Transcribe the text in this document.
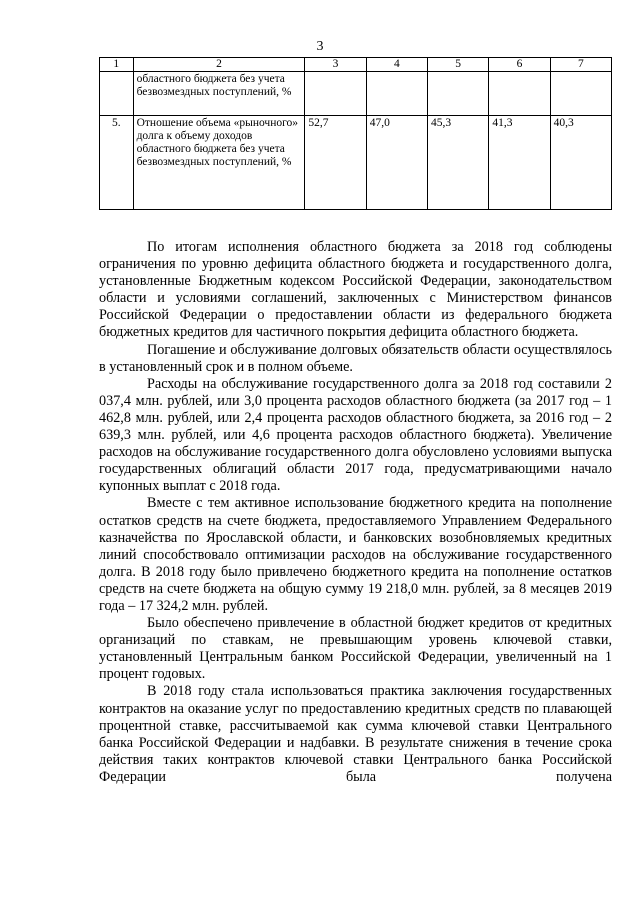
3
1	2	3	4	5	6	7
	областного бюджета без учета безвозмездных поступлений, %					
5.	Отношение объема «рыночного» долга к объему доходов областного бюджета без учета безвозмездных поступлений, %	52,7	47,0	45,3	41,3	40,3

По итогам исполнения областного бюджета за 2018 год соблюдены ограничения по уровню дефицита областного бюджета и государственного долга, установленные Бюджетным кодексом Российской Федерации, законодательством области и условиями соглашений, заключенных с Министерством финансов Российской Федерации о предоставлении области из федерального бюджета бюджетных кредитов для частичного покрытия дефицита областного бюджета.

Погашение и обслуживание долговых обязательств области осуществлялось в установленный срок и в полном объеме.

Расходы на обслуживание государственного долга за 2018 год составили 2 037,4 млн. рублей, или 3,0 процента расходов областного бюджета (за 2017 год – 1 462,8 млн. рублей, или 2,4 процента расходов областного бюджета, за 2016 год – 2 639,3 млн. рублей, или 4,6 процента расходов областного бюджета). Увеличение расходов на обслуживание государственного долга обусловлено условиями выпуска государственных облигаций области 2017 года, предусматривающими начало купонных выплат с 2018 года.

Вместе с тем активное использование бюджетного кредита на пополнение остатков средств на счете бюджета, предоставляемого Управлением Федерального казначейства по Ярославской области, и банковских возобновляемых кредитных линий способствовало оптимизации расходов на обслуживание государственного долга. В 2018 году было привлечено бюджетного кредита на пополнение остатков средств на счете бюджета на общую сумму 19 218,0 млн. рублей, за 8 месяцев 2019 года – 17 324,2 млн. рублей.

Было обеспечено привлечение в областной бюджет кредитов от кредитных организаций по ставкам, не превышающим уровень ключевой ставки, установленный Центральным банком Российской Федерации, увеличенный на 1 процент годовых.

В 2018 году стала использоваться практика заключения государственных контрактов на оказание услуг по предоставлению кредитных средств по плавающей процентной ставке, рассчитываемой как сумма ключевой ставки Центрального банка Российской Федерации и надбавки. В результате снижения в течение срока действия таких контрактов ключевой ставки Центрального банка Российской Федерации была получена
